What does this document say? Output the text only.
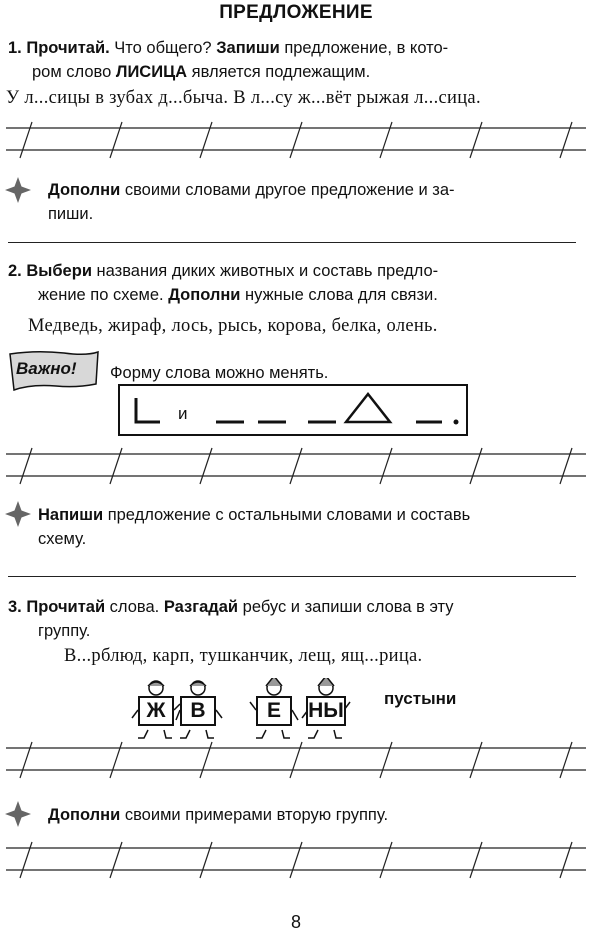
ПРЕДЛОЖЕНИЕ
1. Прочитай. Что общего? Запиши предложение, в кото-
ром слово ЛИСИЦА является подлежащим.
У л...сицы в зубах д...быча. В л...су ж...вёт рыжая л...сица.
Дополни своими словами другое предложение и за-
пиши.
2. Выбери названия диких животных и составь предло-
жение по схеме. Дополни нужные слова для связи.
Медведь, жираф, лось, рысь, корова, белка, олень.
Важно! Форму слова можно менять.
и
Напиши предложение с остальными словами и составь
схему.
3. Прочитай слова. Разгадай ребус и запиши слова в эту
группу.
В...рблюд, карп, тушканчик, лещ, ящ...рица.
Ж	В	Е	НЫ
пустыни
Дополни своими примерами вторую группу.
8
